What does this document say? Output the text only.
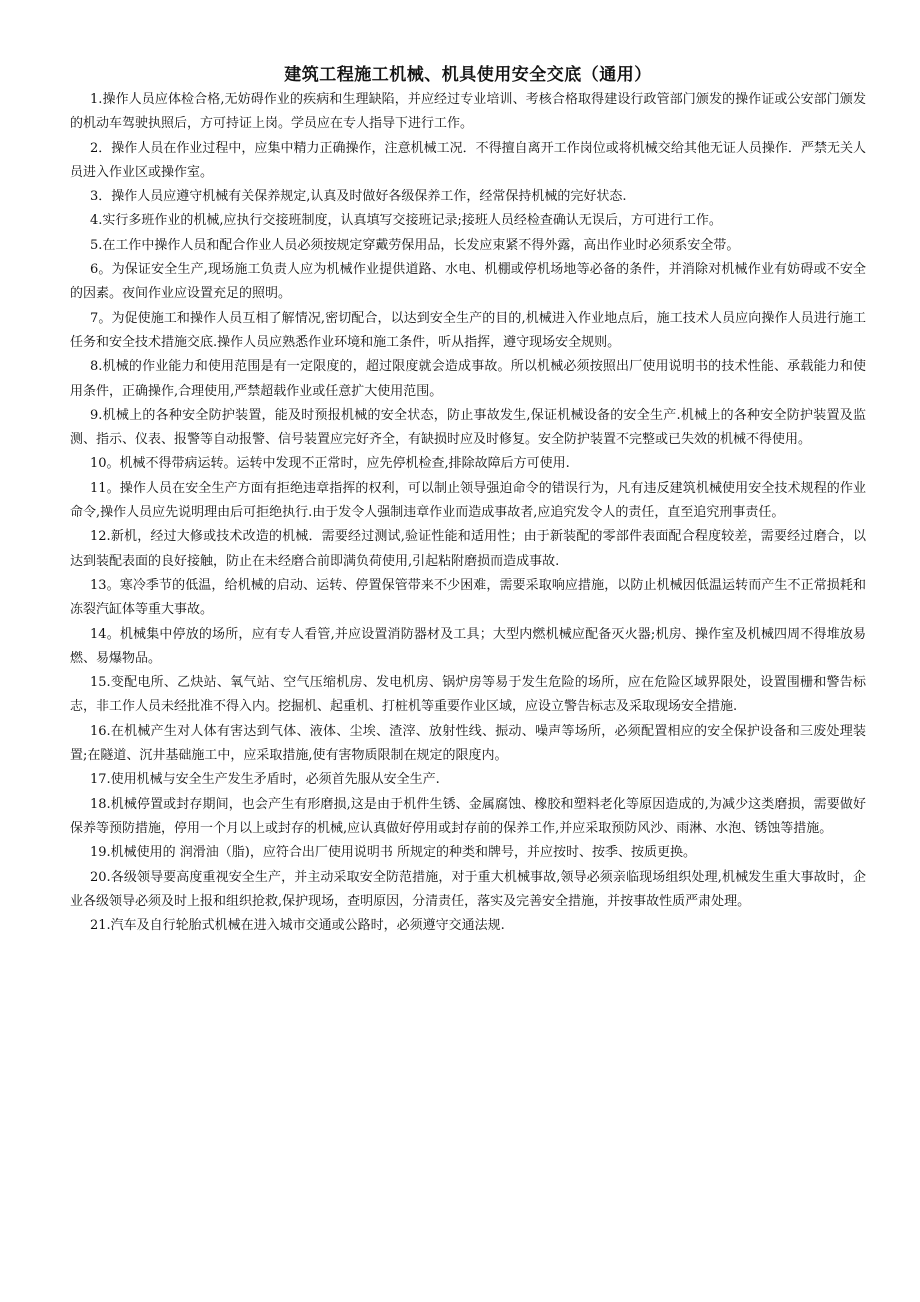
建筑工程施工机械、机具使用安全交底（通用）

1.操作人员应体检合格,无妨碍作业的疾病和生理缺陷，并应经过专业培训、考核合格取得建设行政管部门颁发的操作证或公安部门颁发的机动车驾驶执照后，方可持证上岗。学员应在专人指导下进行工作。

2．操作人员在作业过程中，应集中精力正确操作，注意机械工况．不得擅自离开工作岗位或将机械交给其他无证人员操作．严禁无关人员进入作业区或操作室。

3．操作人员应遵守机械有关保养规定,认真及时做好各级保养工作，经常保持机械的完好状态.

4.实行多班作业的机械,应执行交接班制度，认真填写交接班记录;接班人员经检查确认无误后，方可进行工作。

5.在工作中操作人员和配合作业人员必须按规定穿戴劳保用品，长发应束紧不得外露，高出作业时必须系安全带。

6。为保证安全生产,现场施工负责人应为机械作业提供道路、水电、机棚或停机场地等必备的条件，并消除对机械作业有妨碍或不安全的因素。夜间作业应设置充足的照明。

7。为促使施工和操作人员互相了解情况,密切配合，以达到安全生产的目的,机械进入作业地点后，施工技术人员应向操作人员进行施工任务和安全技术措施交底.操作人员应熟悉作业环境和施工条件，听从指挥，遵守现场安全规则。

8.机械的作业能力和使用范围是有一定限度的，超过限度就会造成事故。所以机械必须按照出厂使用说明书的技术性能、承载能力和使用条件，正确操作,合理使用,严禁超载作业或任意扩大使用范围。

9.机械上的各种安全防护装置，能及时预报机械的安全状态，防止事故发生,保证机械设备的安全生产.机械上的各种安全防护装置及监测、指示、仪表、报警等自动报警、信号装置应完好齐全，有缺损时应及时修复。安全防护装置不完整或已失效的机械不得使用。

10。机械不得带病运转。运转中发现不正常时，应先停机检查,排除故障后方可使用.

11。操作人员在安全生产方面有拒绝违章指挥的权利，可以制止领导强迫命令的错误行为，凡有违反建筑机械使用安全技术规程的作业命令,操作人员应先说明理由后可拒绝执行.由于发令人强制违章作业而造成事故者,应追究发令人的责任，直至追究刑事责任。

12.新机，经过大修或技术改造的机械．需要经过测试,验证性能和适用性；由于新装配的零部件表面配合程度较差，需要经过磨合，以达到装配表面的良好接触，防止在未经磨合前即满负荷使用,引起粘附磨损而造成事故.

13。寒冷季节的低温，给机械的启动、运转、停置保管带来不少困难，需要采取响应措施，以防止机械因低温运转而产生不正常损耗和冻裂汽缸体等重大事故。

14。机械集中停放的场所，应有专人看管,并应设置消防器材及工具；大型内燃机械应配备灭火器;机房、操作室及机械四周不得堆放易燃、易爆物品。

15.变配电所、乙炔站、氧气站、空气压缩机房、发电机房、锅炉房等易于发生危险的场所，应在危险区域界限处，设置围栅和警告标志，非工作人员未经批准不得入内。挖掘机、起重机、打桩机等重要作业区域，应设立警告标志及采取现场安全措施.

16.在机械产生对人体有害达到气体、液体、尘埃、渣滓、放射性线、振动、噪声等场所，必须配置相应的安全保护设备和三废处理装置;在隧道、沉井基础施工中，应采取措施,使有害物质限制在规定的限度内。

17.使用机械与安全生产发生矛盾时，必须首先服从安全生产.

18.机械停置或封存期间，也会产生有形磨损,这是由于机件生锈、金属腐蚀、橡胶和塑料老化等原因造成的,为减少这类磨损，需要做好保养等预防措施，停用一个月以上或封存的机械,应认真做好停用或封存前的保养工作,并应采取预防风沙、雨淋、水泡、锈蚀等措施。

19.机械使用的 润滑油（脂)，应符合出厂使用说明书 所规定的种类和牌号，并应按时、按季、按质更换。

20.各级领导要高度重视安全生产，并主动采取安全防范措施，对于重大机械事故,领导必须亲临现场组织处理,机械发生重大事故时，企业各级领导必须及时上报和组织抢救,保护现场，查明原因，分清责任，落实及完善安全措施，并按事故性质严肃处理。

21.汽车及自行轮胎式机械在进入城市交通或公路时，必须遵守交通法规.
